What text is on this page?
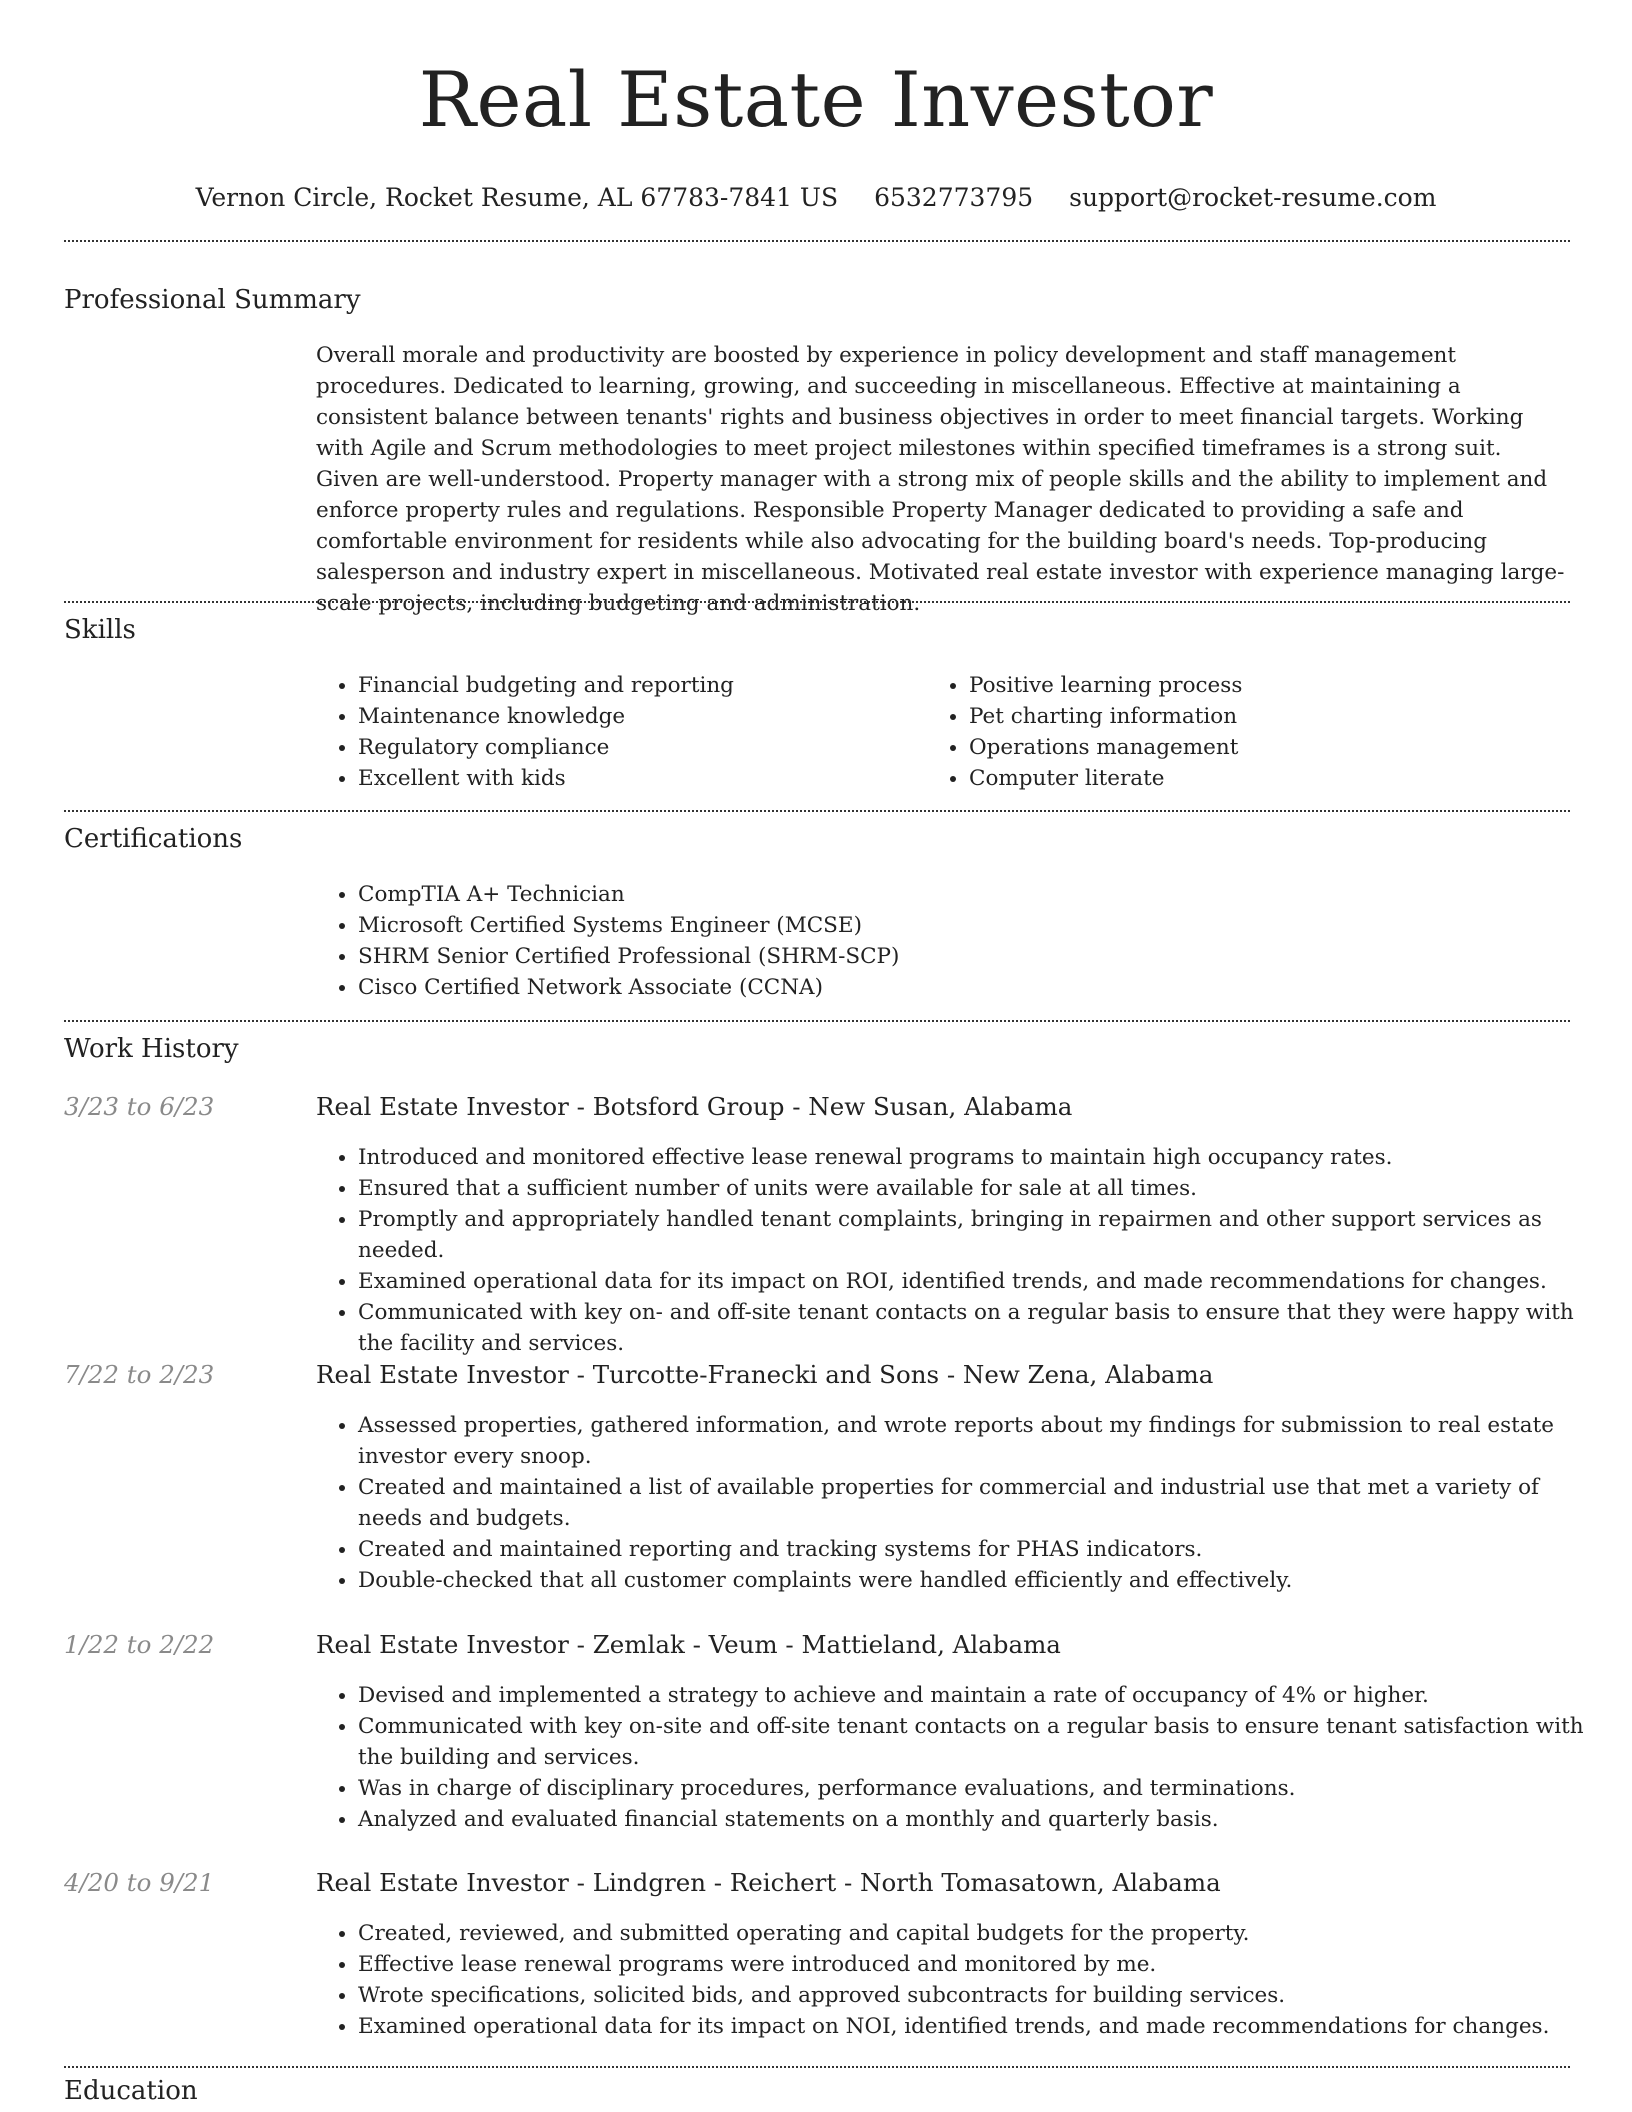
Real Estate Investor
Vernon Circle, Rocket Resume, AL 67783-7841 US 6532773795 support@rocket-resume.com
Professional Summary
Overall morale and productivity are boosted by experience in policy development and staff management procedures. Dedicated to learning, growing, and succeeding in miscellaneous. Effective at maintaining a consistent balance between tenants' rights and business objectives in order to meet financial targets. Working with Agile and Scrum methodologies to meet project milestones within specified timeframes is a strong suit. Given are well-understood. Property manager with a strong mix of people skills and the ability to implement and enforce property rules and regulations. Responsible Property Manager dedicated to providing a safe and comfortable environment for residents while also advocating for the building board's needs. Top-producing salesperson and industry expert in miscellaneous. Motivated real estate investor with experience managing large-scale projects, including budgeting and administration.
Skills
• Financial budgeting and reporting
• Maintenance knowledge
• Regulatory compliance
• Excellent with kids
• Positive learning process
• Pet charting information
• Operations management
• Computer literate
Certifications
• CompTIA A+ Technician
• Microsoft Certified Systems Engineer (MCSE)
• SHRM Senior Certified Professional (SHRM-SCP)
• Cisco Certified Network Associate (CCNA)
Work History
3/23 to 6/23	Real Estate Investor - Botsford Group - New Susan, Alabama
• Introduced and monitored effective lease renewal programs to maintain high occupancy rates.
• Ensured that a sufficient number of units were available for sale at all times.
• Promptly and appropriately handled tenant complaints, bringing in repairmen and other support services as needed.
• Examined operational data for its impact on ROI, identified trends, and made recommendations for changes.
• Communicated with key on- and off-site tenant contacts on a regular basis to ensure that they were happy with the facility and services.
7/22 to 2/23	Real Estate Investor - Turcotte-Franecki and Sons - New Zena, Alabama
• Assessed properties, gathered information, and wrote reports about my findings for submission to real estate investor every snoop.
• Created and maintained a list of available properties for commercial and industrial use that met a variety of needs and budgets.
• Created and maintained reporting and tracking systems for PHAS indicators.
• Double-checked that all customer complaints were handled efficiently and effectively.
1/22 to 2/22	Real Estate Investor - Zemlak - Veum - Mattieland, Alabama
• Devised and implemented a strategy to achieve and maintain a rate of occupancy of 4% or higher.
• Communicated with key on-site and off-site tenant contacts on a regular basis to ensure tenant satisfaction with the building and services.
• Was in charge of disciplinary procedures, performance evaluations, and terminations.
• Analyzed and evaluated financial statements on a monthly and quarterly basis.
4/20 to 9/21	Real Estate Investor - Lindgren - Reichert - North Tomasatown, Alabama
• Created, reviewed, and submitted operating and capital budgets for the property.
• Effective lease renewal programs were introduced and monitored by me.
• Wrote specifications, solicited bids, and approved subcontracts for building services.
• Examined operational data for its impact on NOI, identified trends, and made recommendations for changes.
Education
